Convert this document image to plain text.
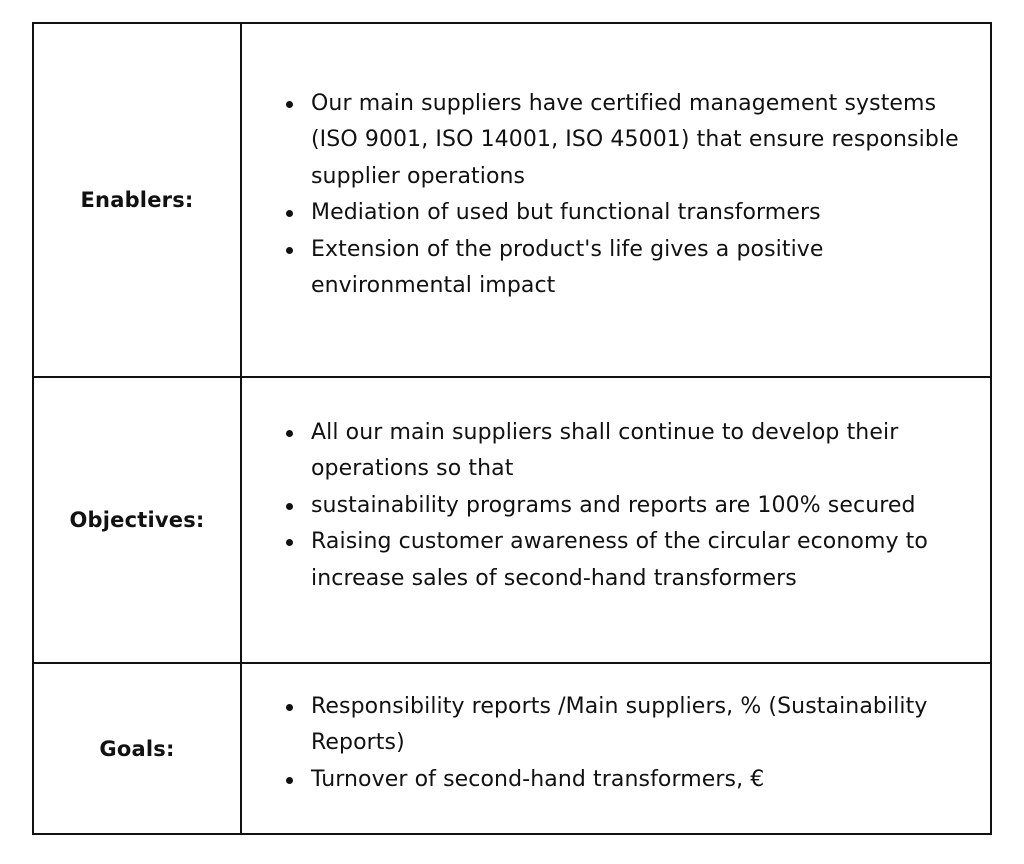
Enablers:
Our main suppliers have certified management systems (ISO 9001, ISO 14001, ISO 45001) that ensure responsible supplier operations
Mediation of used but functional transformers
Extension of the product's life gives a positive environmental impact
Objectives:
All our main suppliers shall continue to develop their operations so that
sustainability programs and reports are 100% secured
Raising customer awareness of the circular economy to increase sales of second-hand transformers
Goals:
Responsibility reports /Main suppliers, % (Sustainability Reports)
Turnover of second-hand transformers, €
